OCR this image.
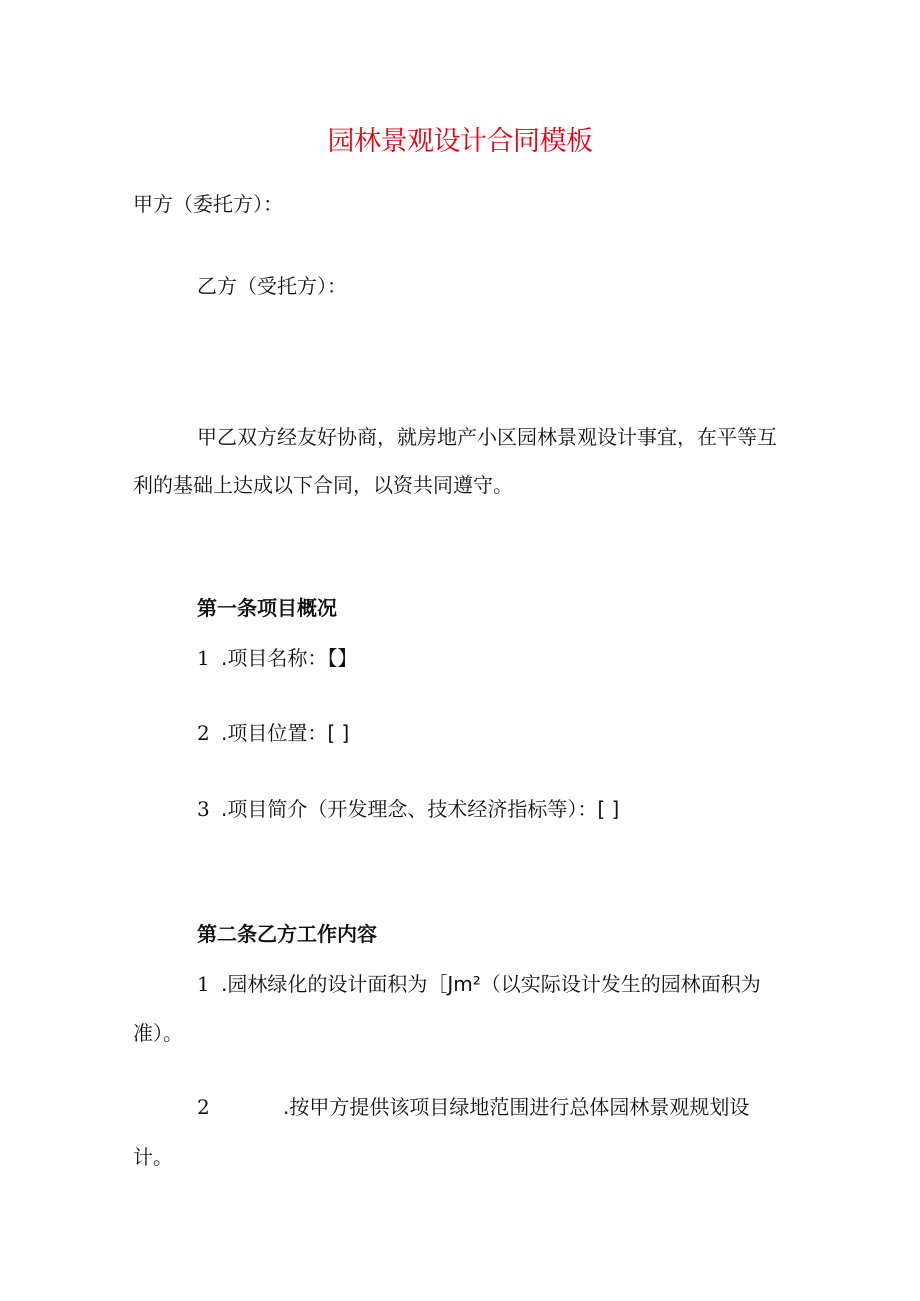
园林景观设计合同模板
甲方（委托方）：
乙方（受托方）：
甲乙双方经友好协商，就房地产小区园林景观设计事宜，在平等互
利的基础上达成以下合同，以资共同遵守。
第一条项目概况
1 .项目名称：【】
2 .项目位置：[ ]
3 .项目简介（开发理念、技术经济指标等）：[ ]
第二条乙方工作内容
1 .园林绿化的设计面积为［Jm²（以实际设计发生的园林面积为
准）。
2	.按甲方提供该项目绿地范围进行总体园林景观规划设
计。
